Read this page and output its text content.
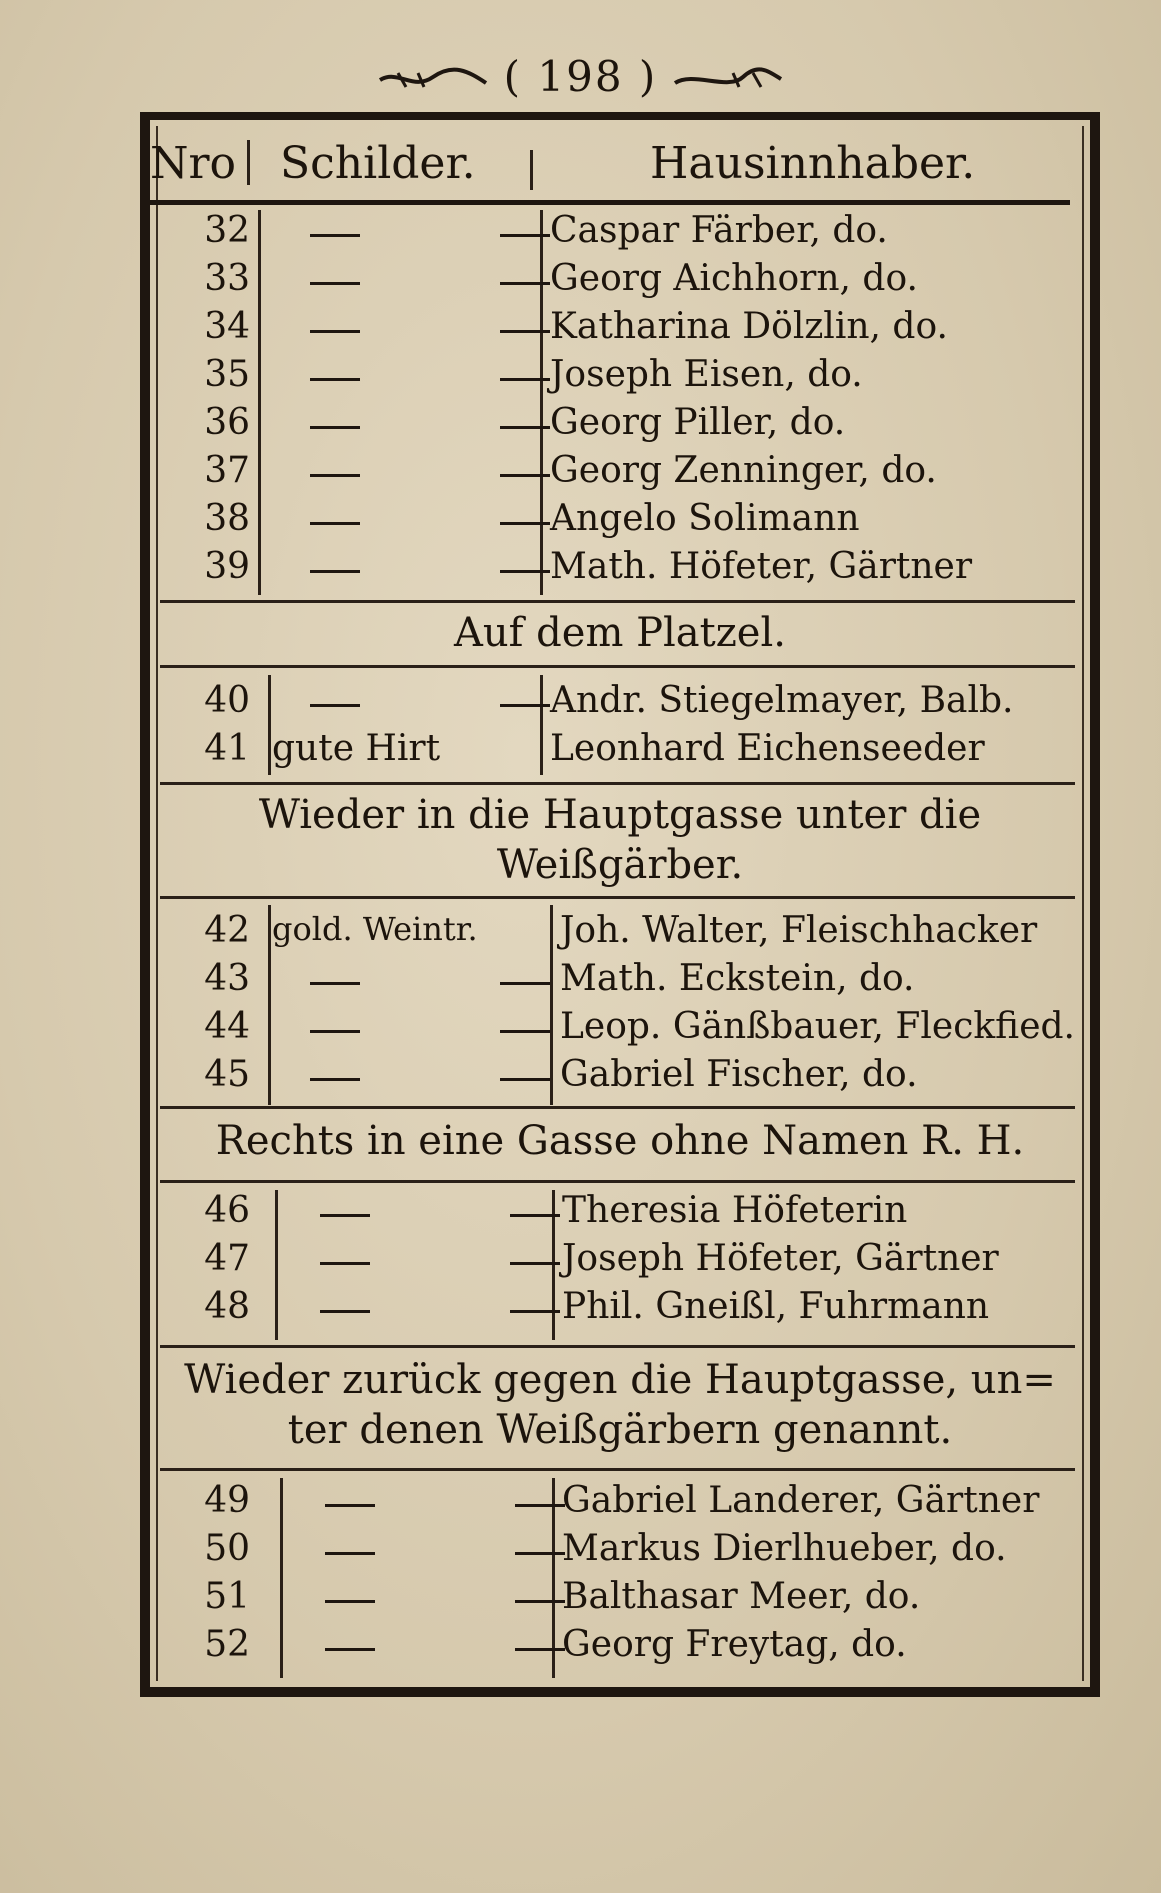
( 198 )
Nro Schilder.	Hausinnhaber.
32	Caspar Färber, do.
33	Georg Aichhorn, do.
34	Katharina Dölzlin, do.
35	Joseph Eisen, do.
36	Georg Piller, do.
37	Georg Zenninger, do.
38	Angelo Solimann
39	Math. Höfeter, Gärtner
Auf dem Platzel.
40	Andr. Stiegelmayer, Balb.
41 gute Hirt	Leonhard Eichenseeder
Wieder in die Hauptgasse unter die
Weißgärber.
42 gold. Weintr.	Joh. Walter, Fleischhacker
43	Math. Eckstein, do.
44	Leop. Gänßbauer, Fleckfied.
45	Gabriel Fischer, do.
Rechts in eine Gasse ohne Namen R. H.
46	Theresia Höfeterin
47	Joseph Höfeter, Gärtner
48	Phil. Gneißl, Fuhrmann
Wieder zurück gegen die Hauptgasse, un=
ter denen Weißgärbern genannt.
49	Gabriel Landerer, Gärtner
50	Markus Dierlhueber, do.
51	Balthasar Meer, do.
52	Georg Freytag, do.
